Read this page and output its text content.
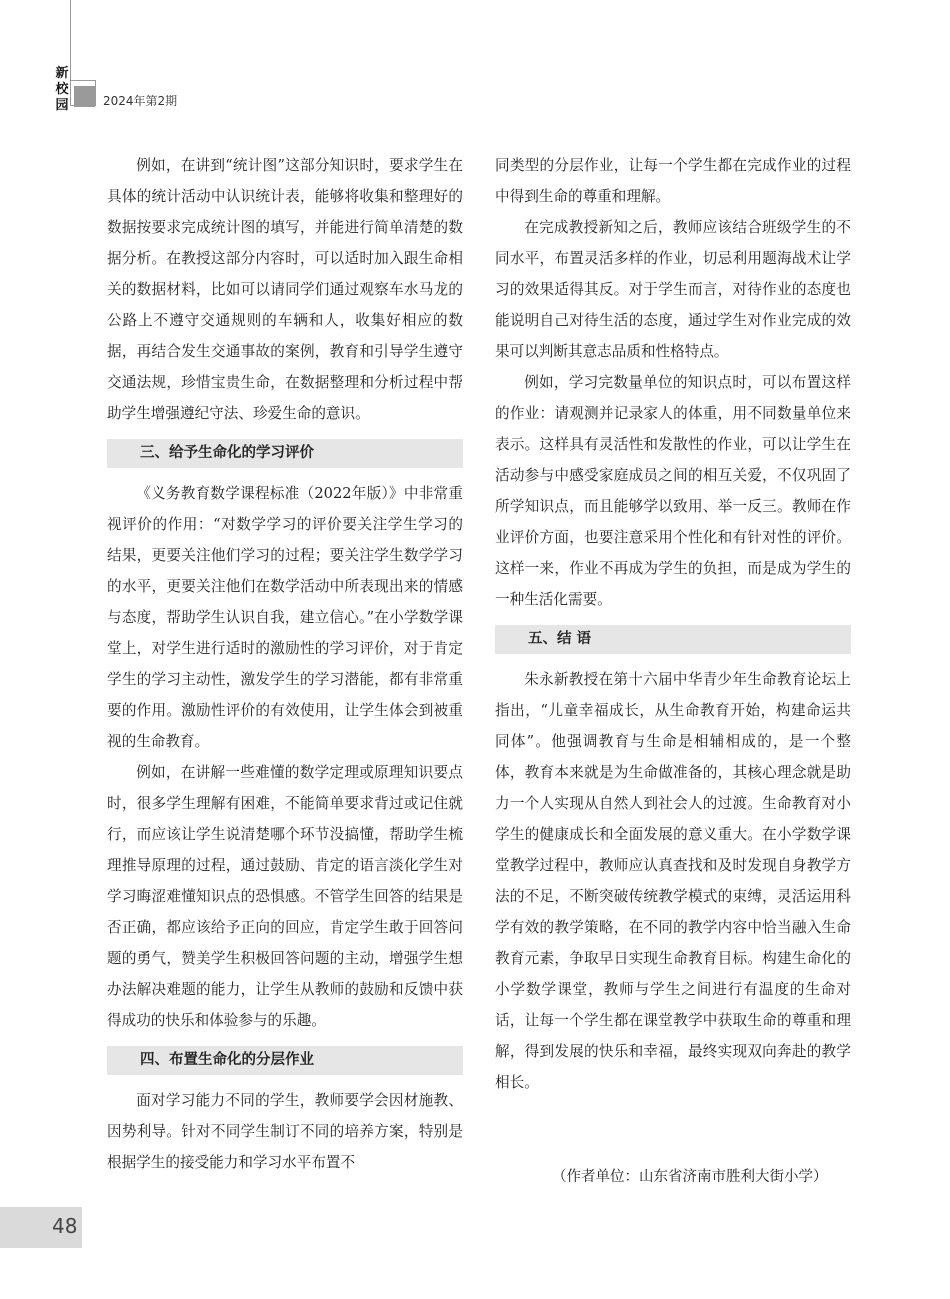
新
校
园	2024年第2期

例如，在讲到“统计图”这部分知识时，要求学生在具体的统计活动中认识统计表，能够将收集和整理好的数据按要求完成统计图的填写，并能进行简单清楚的数据分析。在教授这部分内容时，可以适时加入跟生命相关的数据材料，比如可以请同学们通过观察车水马龙的公路上不遵守交通规则的车辆和人，收集好相应的数据，再结合发生交通事故的案例，教育和引导学生遵守交通法规，珍惜宝贵生命，在数据整理和分析过程中帮助学生增强遵纪守法、珍爱生命的意识。

三、给予生命化的学习评价

《义务教育数学课程标准（2022年版）》中非常重视评价的作用：“对数学学习的评价要关注学生学习的结果，更要关注他们学习的过程；要关注学生数学学习的水平，更要关注他们在数学活动中所表现出来的情感与态度，帮助学生认识自我，建立信心。”在小学数学课堂上，对学生进行适时的激励性的学习评价，对于肯定学生的学习主动性，激发学生的学习潜能，都有非常重要的作用。激励性评价的有效使用，让学生体会到被重视的生命教育。

例如，在讲解一些难懂的数学定理或原理知识要点时，很多学生理解有困难，不能简单要求背过或记住就行，而应该让学生说清楚哪个环节没搞懂，帮助学生梳理推导原理的过程，通过鼓励、肯定的语言淡化学生对学习晦涩难懂知识点的恐惧感。不管学生回答的结果是否正确，都应该给予正向的回应，肯定学生敢于回答问题的勇气，赞美学生积极回答问题的主动，增强学生想办法解决难题的能力，让学生从教师的鼓励和反馈中获得成功的快乐和体验参与的乐趣。

四、布置生命化的分层作业

面对学习能力不同的学生，教师要学会因材施教、因势利导。针对不同学生制订不同的培养方案，特别是根据学生的接受能力和学习水平布置不

同类型的分层作业，让每一个学生都在完成作业的过程中得到生命的尊重和理解。

在完成教授新知之后，教师应该结合班级学生的不同水平，布置灵活多样的作业，切忌利用题海战术让学习的效果适得其反。对于学生而言，对待作业的态度也能说明自己对待生活的态度，通过学生对作业完成的效果可以判断其意志品质和性格特点。

例如，学习完数量单位的知识点时，可以布置这样的作业：请观测并记录家人的体重，用不同数量单位来表示。这样具有灵活性和发散性的作业，可以让学生在活动参与中感受家庭成员之间的相互关爱，不仅巩固了所学知识点，而且能够学以致用、举一反三。教师在作业评价方面，也要注意采用个性化和有针对性的评价。这样一来，作业不再成为学生的负担，而是成为学生的一种生活化需要。

五、结 语

朱永新教授在第十六届中华青少年生命教育论坛上指出，“儿童幸福成长，从生命教育开始，构建命运共同体”。他强调教育与生命是相辅相成的，是一个整体，教育本来就是为生命做准备的，其核心理念就是助力一个人实现从自然人到社会人的过渡。生命教育对小学生的健康成长和全面发展的意义重大。在小学数学课堂教学过程中，教师应认真查找和及时发现自身教学方法的不足，不断突破传统教学模式的束缚，灵活运用科学有效的教学策略，在不同的教学内容中恰当融入生命教育元素，争取早日实现生命教育目标。构建生命化的小学数学课堂，教师与学生之间进行有温度的生命对话，让每一个学生都在课堂教学中获取生命的尊重和理解，得到发展的快乐和幸福，最终实现双向奔赴的教学相长。

（作者单位：山东省济南市胜利大街小学）
48
